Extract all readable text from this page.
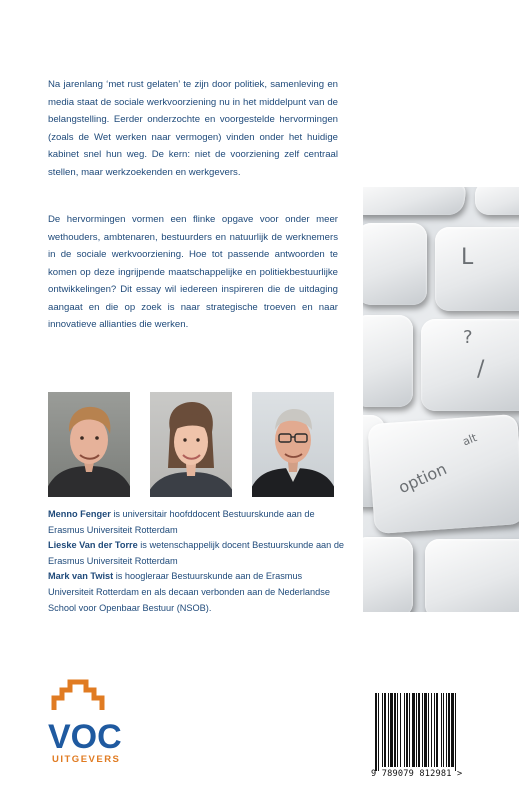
Na jarenlang ‘met rust gelaten’ te zijn door politiek, samenleving en media staat de sociale werkvoorziening nu in het middelpunt van de belangstelling. Eerder onderzochte en voorgestelde hervormingen (zoals de Wet werken naar vermogen) vinden onder het huidige kabinet snel hun weg. De kern: niet de voorziening zelf centraal stellen, maar werkzoekenden en werkgevers.

De hervormingen vormen een flinke opgave voor onder meer wethouders, ambtenaren, bestuurders en natuurlijk de werknemers in de sociale werkvoorziening. Hoe tot passende antwoorden te komen op deze ingrijpende maatschappelijke en politiekbestuurlijke ontwikkelingen? Dit essay wil iedereen inspireren die de uitdaging aangaat en die op zoek is naar strategische troeven en naar innovatieve allianties die werken.

L
?
/
alt
option

Menno Fenger is universitair hoofddocent Bestuurskunde aan de Erasmus Universiteit Rotterdam

Lieske Van der Torre is wetenschappelijk docent Bestuurskunde aan de Erasmus Universiteit Rotterdam

Mark van Twist is hoogleraar Bestuurskunde aan de Erasmus Universiteit Rotterdam en als decaan verbonden aan de Nederlandse School voor Openbaar Bestuur (NSOB).

VOC
UITGEVERS
9 789079 812981 >
